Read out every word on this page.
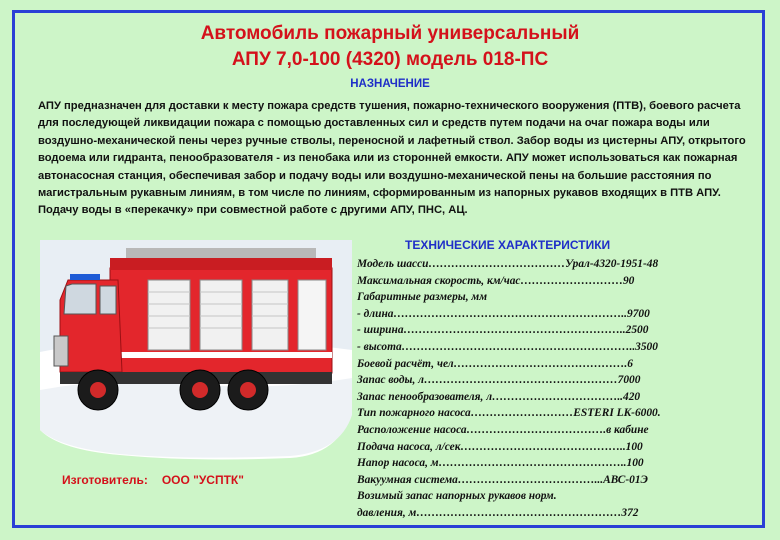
Автомобиль пожарный универсальный
АПУ 7,0-100 (4320) модель 018-ПС
НАЗНАЧЕНИЕ

АПУ предназначен для доставки к месту пожара средств тушения, пожарно-технического вооружения (ПТВ), боевого расчета для последующей ликвидации пожара с помощью доставленных сил и средств путем подачи на очаг пожара воды или воздушно-механической пены через ручные стволы, переносной и лафетный ствол. Забор воды из цистерны АПУ, открытого водоема или гидранта, пенообразователя - из пенобака или из сторонней емкости. АПУ может использоваться как пожарная автонасосная станция, обеспечивая забор и подачу воды или воздушно-механической пены на большие расстояния по магистральным рукавным линиям, в том числе по линиям, сформированным из напорных рукавов входящих в ПТВ АПУ. Подачу воды в «перекачку» при совместной работе с другими АПУ, ПНС, АЦ.

ТЕХНИЧЕСКИЕ ХАРАКТЕРИСТИКИ
Модель шасси………………………………Урал-4320-1951-48
Максимальная скорость, км/час………………………90
Габаритные размеры, мм
- длина……………………………………………………..9700
- ширина…………………………………………………..2500
- высота……………………………………………………..3500
Боевой расчёт, чел……………………………………….6
Запас воды, л……………………………………………7000
Запас пенообразователя, л……………………………..420
Тип пожарного насоса………………………ESTERI LK-6000.
Расположение насоса……………………………….в кабине
Подача насоса, л/сек……………………………………..100
Напор насоса, м…………………………………………..100
Вакуумная система………………………………...АВС-01Э
Возимый запас напорных рукавов норм.
давления, м………………………………………………372
Изготовитель: ООО "УСПТК"
